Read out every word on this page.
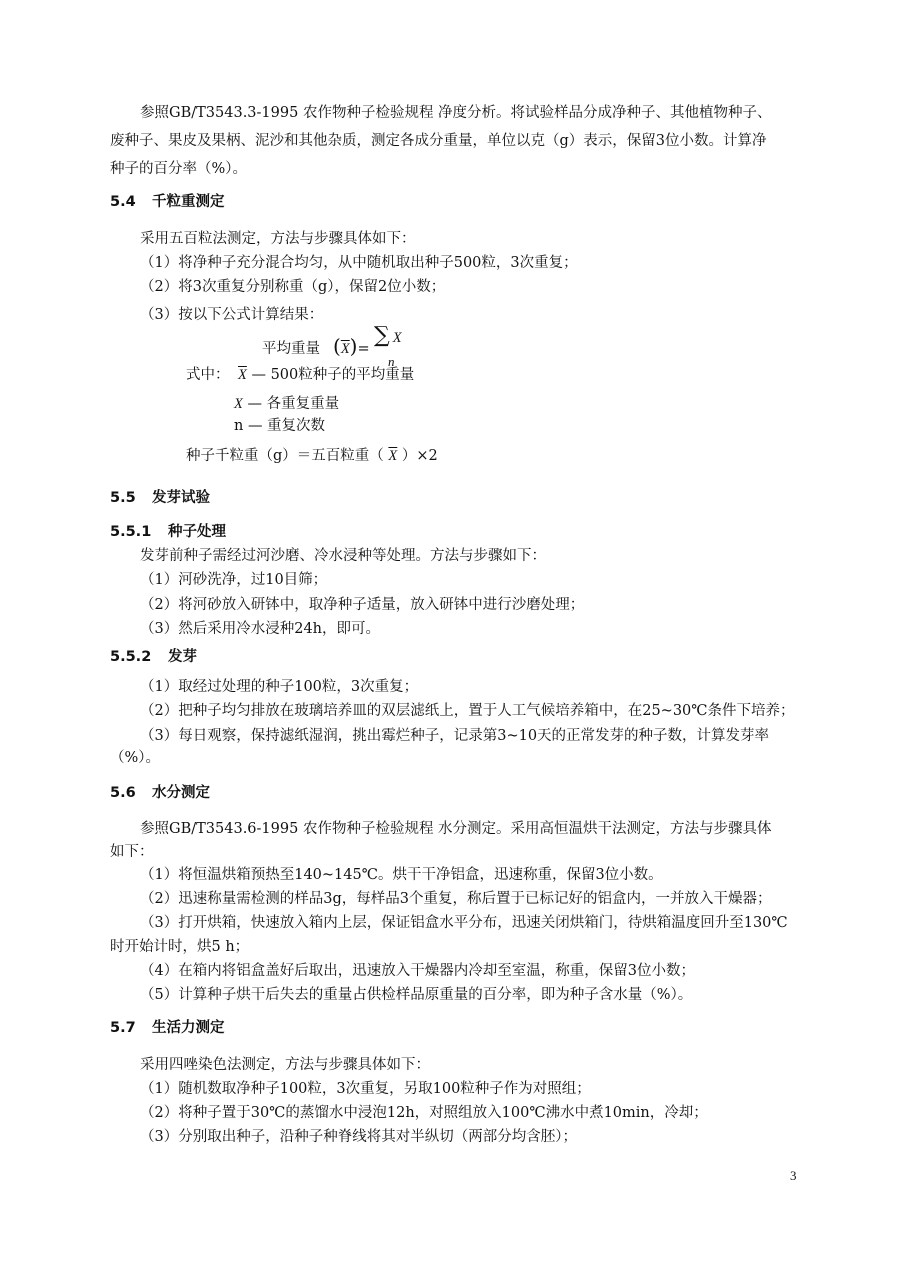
参照GB/T3543.3-1995 农作物种子检验规程 净度分析。将试验样品分成净种子、其他植物种子、
废种子、果皮及果柄、泥沙和其他杂质，测定各成分重量，单位以克（g）表示，保留3位小数。计算净
种子的百分率（%）。
5.4 千粒重测定
采用五百粒法测定，方法与步骤具体如下：
（1）将净种子充分混合均匀，从中随机取出种子500粒，3次重复；
（2）将3次重复分别称重（g），保留2位小数；
（3）按以下公式计算结果：
平均重量 $(\overline{X})=$
∑ X
n
式中： $\overline{X}$ — 500粒种子的平均重量
X — 各重复重量
n — 重复次数
种子千粒重（g）＝五百粒重（ $\overline{X}$ ）×2
5.5 发芽试验
5.5.1 种子处理
发芽前种子需经过河沙磨、冷水浸种等处理。方法与步骤如下：
（1）河砂洗净，过10目筛；
（2）将河砂放入研钵中，取净种子适量，放入研钵中进行沙磨处理；
（3）然后采用冷水浸种24h，即可。
5.5.2 发芽
（1）取经过处理的种子100粒，3次重复；
（2）把种子均匀排放在玻璃培养皿的双层滤纸上，置于人工气候培养箱中，在25~30℃条件下培养；
（3）每日观察，保持滤纸湿润，挑出霉烂种子，记录第3~10天的正常发芽的种子数，计算发芽率
（%）。
5.6 水分测定
参照GB/T3543.6-1995 农作物种子检验规程 水分测定。采用高恒温烘干法测定，方法与步骤具体
如下：
（1）将恒温烘箱预热至140~145℃。烘干干净铝盒，迅速称重，保留3位小数。
（2）迅速称量需检测的样品3g，每样品3个重复，称后置于已标记好的铝盒内，一并放入干燥器；
（3）打开烘箱，快速放入箱内上层，保证铝盒水平分布，迅速关闭烘箱门，待烘箱温度回升至130℃
时开始计时，烘5 h；
（4）在箱内将铝盒盖好后取出，迅速放入干燥器内冷却至室温，称重，保留3位小数；
（5）计算种子烘干后失去的重量占供检样品原重量的百分率，即为种子含水量（%）。
5.7 生活力测定
采用四唑染色法测定，方法与步骤具体如下：
（1）随机数取净种子100粒，3次重复，另取100粒种子作为对照组；
（2）将种子置于30℃的蒸馏水中浸泡12h，对照组放入100℃沸水中煮10min，冷却；
（3）分别取出种子，沿种子种脊线将其对半纵切（两部分均含胚）；
3
